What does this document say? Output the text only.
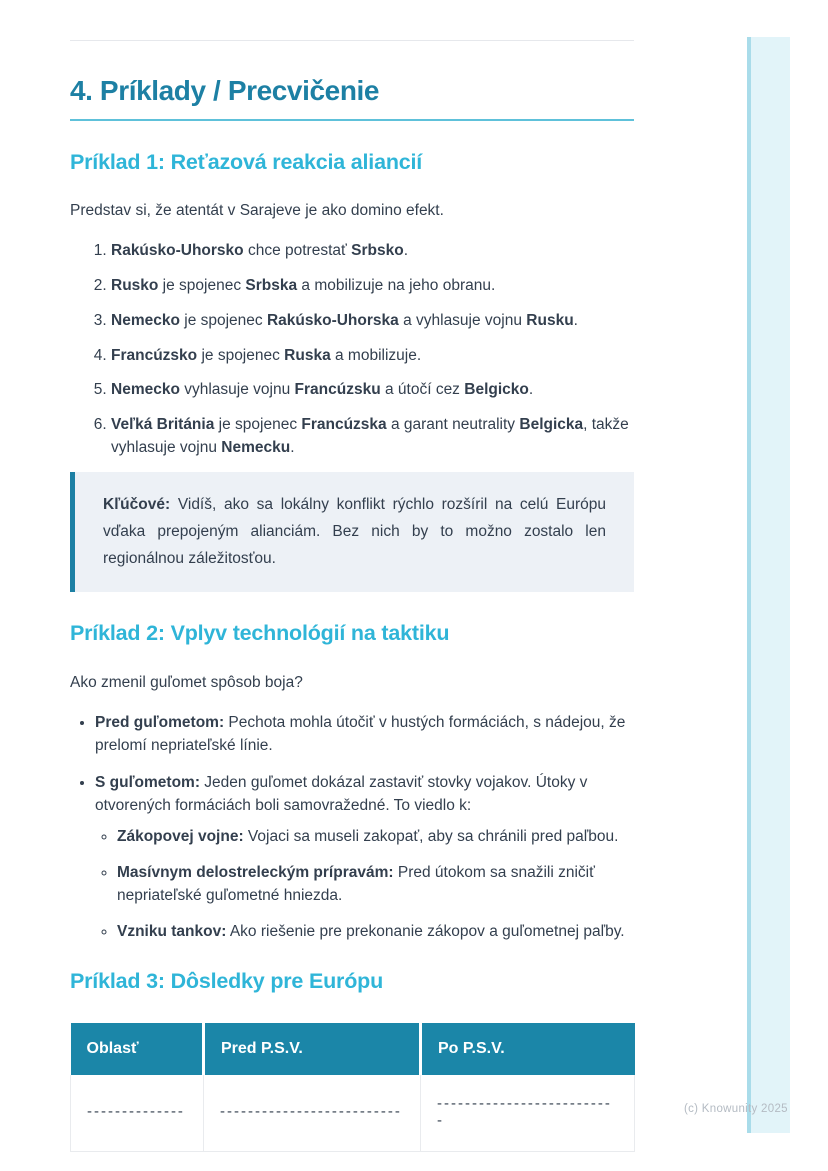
4. Príklady / Precvičenie
Príklad 1: Reťazová reakcia aliancií

Predstav si, že atentát v Sarajeve je ako domino efekt.

1. Rakúsko-Uhorsko chce potrestať Srbsko.
2. Rusko je spojenec Srbska a mobilizuje na jeho obranu.
3. Nemecko je spojenec Rakúsko-Uhorska a vyhlasuje vojnu Rusku.
4. Francúzsko je spojenec Ruska a mobilizuje.
5. Nemecko vyhlasuje vojnu Francúzsku a útočí cez Belgicko.
6. Veľká Británia je spojenec Francúzska a garant neutrality Belgicka, takže vyhlasuje vojnu Nemecku.
Kľúčové: Vidíš, ako sa lokálny konflikt rýchlo rozšíril na celú Európu vďaka prepojeným alianciám. Bez nich by to možno zostalo len regionálnou záležitosťou.
Príklad 2: Vplyv technológií na taktiku

Ako zmenil guľomet spôsob boja?

• Pred guľometom: Pechota mohla útočiť v hustých formáciách, s nádejou, že prelomí nepriateľské línie.
• S guľometom: Jeden guľomet dokázal zastaviť stovky vojakov. Útoky v otvorených formáciách boli samovražedné. To viedlo k:
◦ Zákopovej vojne: Vojaci sa museli zakopať, aby sa chránili pred paľbou.
◦ Masívnym delostreleckým prípravám: Pred útokom sa snažili zničiť nepriateľské guľometné hniezda.
◦ Vzniku tankov: Ako riešenie pre prekonanie zákopov a guľometnej paľby.
Príklad 3: Dôsledky pre Európu
Oblasť	Pred P.S.V.	Po P.S.V.
--------------	--------------------------	--------------------------
(c) Knowunity 2025
